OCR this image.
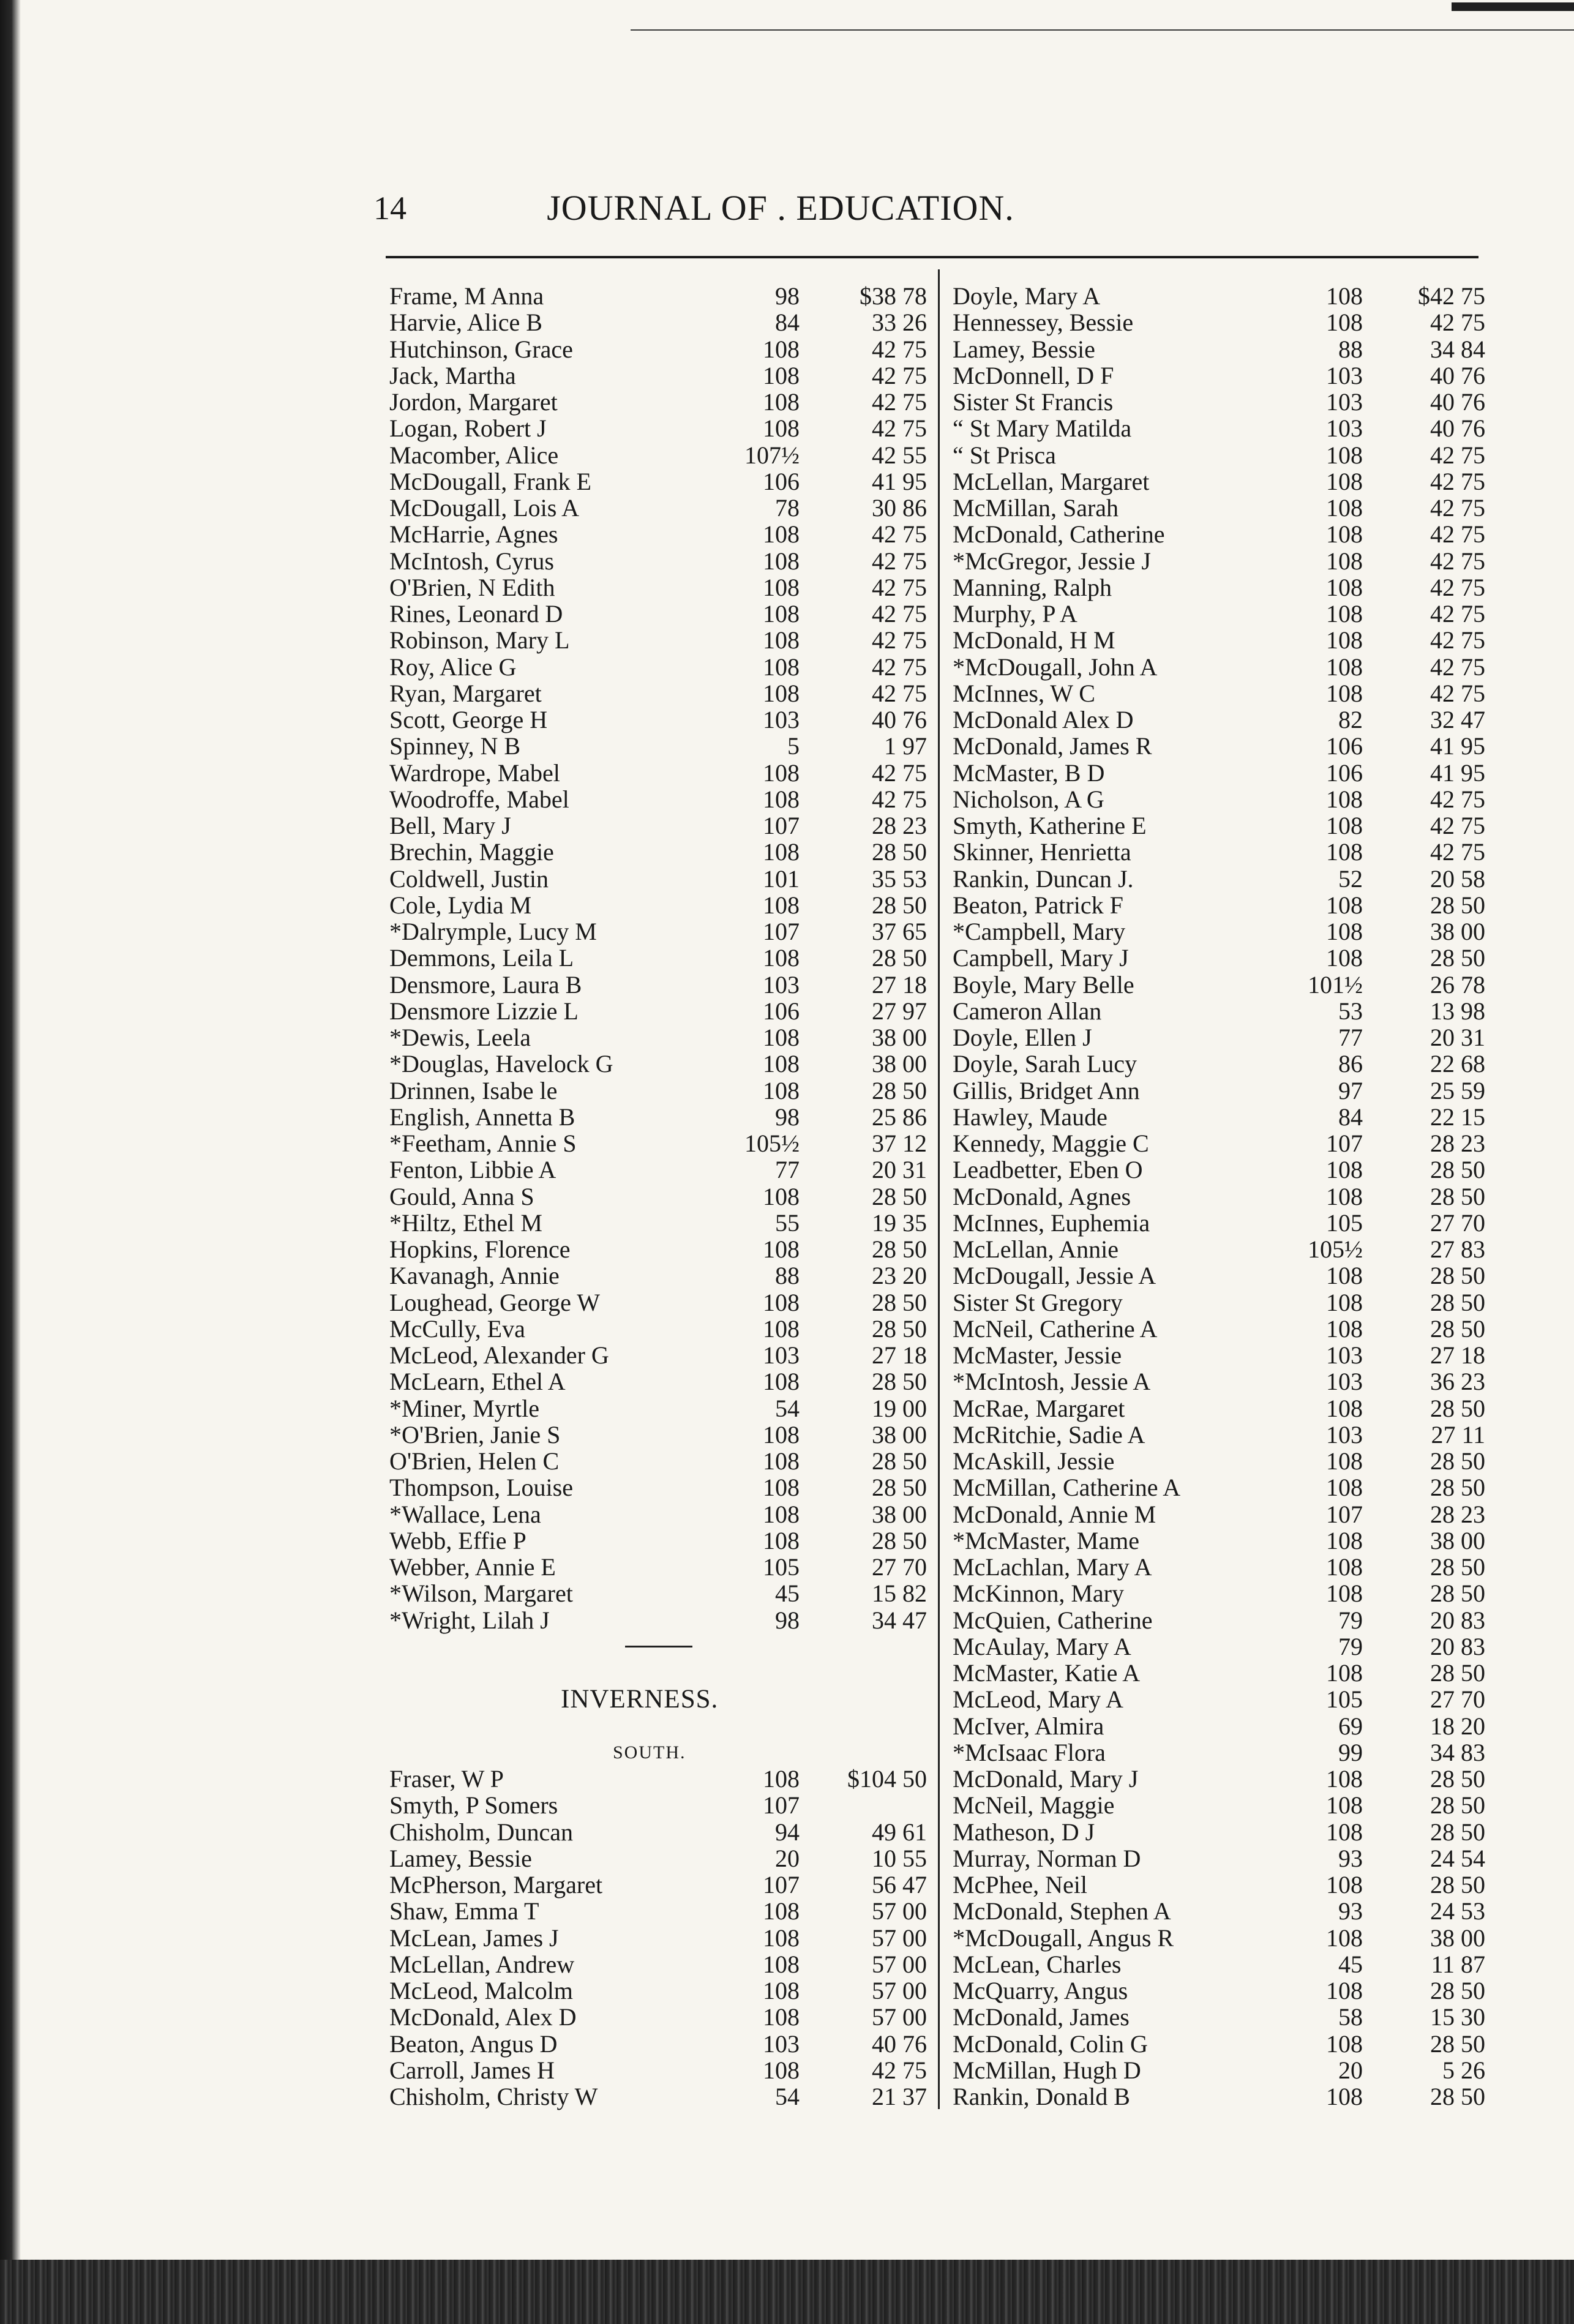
14	JOURNAL OF . EDUCATION.
Frame, M Anna	98	$38 78
Harvie, Alice B	84	33 26
Hutchinson, Grace	108	42 75
Jack, Martha	108	42 75
Jordon, Margaret	108	42 75
Logan, Robert J	108	42 75
Macomber, Alice	107½	42 55
McDougall, Frank E	106	41 95
McDougall, Lois A	78	30 86
McHarrie, Agnes	108	42 75
McIntosh, Cyrus	108	42 75
O'Brien, N Edith	108	42 75
Rines, Leonard D	108	42 75
Robinson, Mary L	108	42 75
Roy, Alice G	108	42 75
Ryan, Margaret	108	42 75
Scott, George H	103	40 76
Spinney, N B	5	1 97
Wardrope, Mabel	108	42 75
Woodroffe, Mabel	108	42 75
Bell, Mary J	107	28 23
Brechin, Maggie	108	28 50
Coldwell, Justin	101	35 53
Cole, Lydia M	108	28 50
*Dalrymple, Lucy M	107	37 65
Demmons, Leila L	108	28 50
Densmore, Laura B	103	27 18
Densmore Lizzie L	106	27 97
*Dewis, Leela	108	38 00
*Douglas, Havelock G	108	38 00
Drinnen, Isabe le	108	28 50
English, Annetta B	98	25 86
*Feetham, Annie S	105½	37 12
Fenton, Libbie A	77	20 31
Gould, Anna S	108	28 50
*Hiltz, Ethel M	55	19 35
Hopkins, Florence	108	28 50
Kavanagh, Annie	88	23 20
Loughead, George W	108	28 50
McCully, Eva	108	28 50
McLeod, Alexander G	103	27 18
McLearn, Ethel A	108	28 50
*Miner, Myrtle	54	19 00
*O'Brien, Janie S	108	38 00
O'Brien, Helen C	108	28 50
Thompson, Louise	108	28 50
*Wallace, Lena	108	38 00
Webb, Effie P	108	28 50
Webber, Annie E	105	27 70
*Wilson, Margaret	45	15 82
*Wright, Lilah J	98	34 47
INVERNESS.
SOUTH.
Fraser, W P	108	$104 50
Smyth, P Somers	107
Chisholm, Duncan	94	49 61
Lamey, Bessie	20	10 55
McPherson, Margaret	107	56 47
Shaw, Emma T	108	57 00
McLean, James J	108	57 00
McLellan, Andrew	108	57 00
McLeod, Malcolm	108	57 00
McDonald, Alex D	108	57 00
Beaton, Angus D	103	40 76
Carroll, James H	108	42 75
Chisholm, Christy W	54	21 37
Doyle, Mary A	108	$42 75
Hennessey, Bessie	108	42 75
Lamey, Bessie	88	34 84
McDonnell, D F	103	40 76
Sister St Francis	103	40 76
“ St Mary Matilda	103	40 76
“ St Prisca	108	42 75
McLellan, Margaret	108	42 75
McMillan, Sarah	108	42 75
McDonald, Catherine	108	42 75
*McGregor, Jessie J	108	42 75
Manning, Ralph	108	42 75
Murphy, P A	108	42 75
McDonald, H M	108	42 75
*McDougall, John A	108	42 75
McInnes, W C	108	42 75
McDonald Alex D	82	32 47
McDonald, James R	106	41 95
McMaster, B D	106	41 95
Nicholson, A G	108	42 75
Smyth, Katherine E	108	42 75
Skinner, Henrietta	108	42 75
Rankin, Duncan J.	52	20 58
Beaton, Patrick F	108	28 50
*Campbell, Mary	108	38 00
Campbell, Mary J	108	28 50
Boyle, Mary Belle	101½	26 78
Cameron Allan	53	13 98
Doyle, Ellen J	77	20 31
Doyle, Sarah Lucy	86	22 68
Gillis, Bridget Ann	97	25 59
Hawley, Maude	84	22 15
Kennedy, Maggie C	107	28 23
Leadbetter, Eben O	108	28 50
McDonald, Agnes	108	28 50
McInnes, Euphemia	105	27 70
McLellan, Annie	105½	27 83
McDougall, Jessie A	108	28 50
Sister St Gregory	108	28 50
McNeil, Catherine A	108	28 50
McMaster, Jessie	103	27 18
*McIntosh, Jessie A	103	36 23
McRae, Margaret	108	28 50
McRitchie, Sadie A	103	27 11
McAskill, Jessie	108	28 50
McMillan, Catherine A	108	28 50
McDonald, Annie M	107	28 23
*McMaster, Mame	108	38 00
McLachlan, Mary A	108	28 50
McKinnon, Mary	108	28 50
McQuien, Catherine	79	20 83
McAulay, Mary A	79	20 83
McMaster, Katie A	108	28 50
McLeod, Mary A	105	27 70
McIver, Almira	69	18 20
*McIsaac Flora	99	34 83
McDonald, Mary J	108	28 50
McNeil, Maggie	108	28 50
Matheson, D J	108	28 50
Murray, Norman D	93	24 54
McPhee, Neil	108	28 50
McDonald, Stephen A	93	24 53
*McDougall, Angus R	108	38 00
McLean, Charles	45	11 87
McQuarry, Angus	108	28 50
McDonald, James	58	15 30
McDonald, Colin G	108	28 50
McMillan, Hugh D	20	5 26
Rankin, Donald B	108	28 50
